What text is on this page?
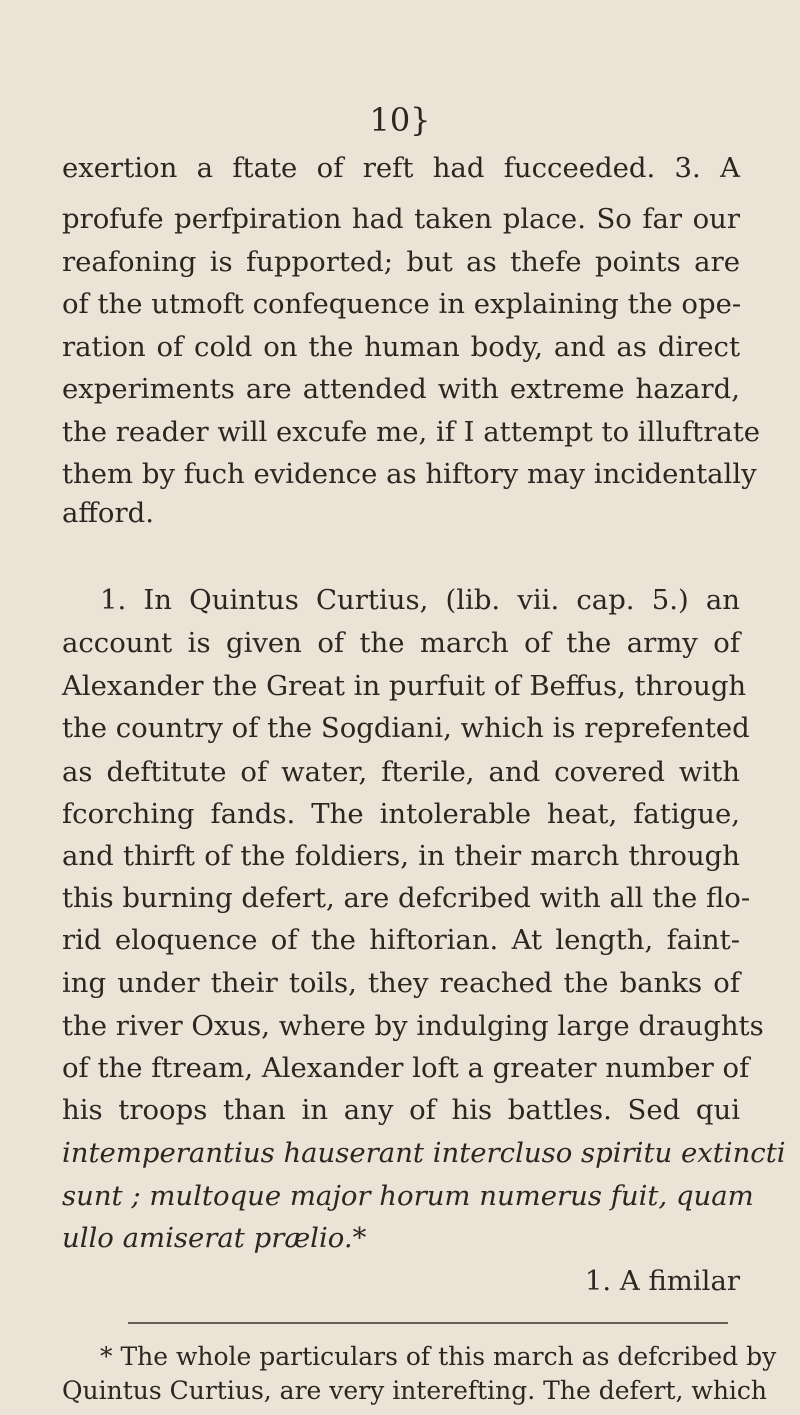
10}
exertion a ftate of reft had fucceeded. 3. A
profufe perfpiration had taken place. So far our
reafoning is fupported; but as thefe points are
of the utmoft confequence in explaining the ope-
ration of cold on the human body, and as direct
experiments are attended with extreme hazard,
the reader will excufe me, if I attempt to illuftrate
them by fuch evidence as hiftory may incidentally
afford.
1. In Quintus Curtius, (lib. vii. cap. 5.) an
account is given of the march of the army of
Alexander the Great in purfuit of Beffus, through
the country of the Sogdiani, which is reprefented
as deftitute of water, fterile, and covered with
fcorching fands. The intolerable heat, fatigue,
and thirft of the foldiers, in their march through
this burning defert, are defcribed with all the flo-
rid eloquence of the hiftorian. At length, faint-
ing under their toils, they reached the banks of
the river Oxus, where by indulging large draughts
of the ftream, Alexander loft a greater number of
his troops than in any of his battles. Sed qui
intemperantius hauserant intercluso spiritu extincti
sunt ; multoque major horum numerus fuit, quam
ullo amiserat prælio.*
1. A fimilar
* The whole particulars of this march as defcribed by
Quintus Curtius, are very interefting. The defert, which
